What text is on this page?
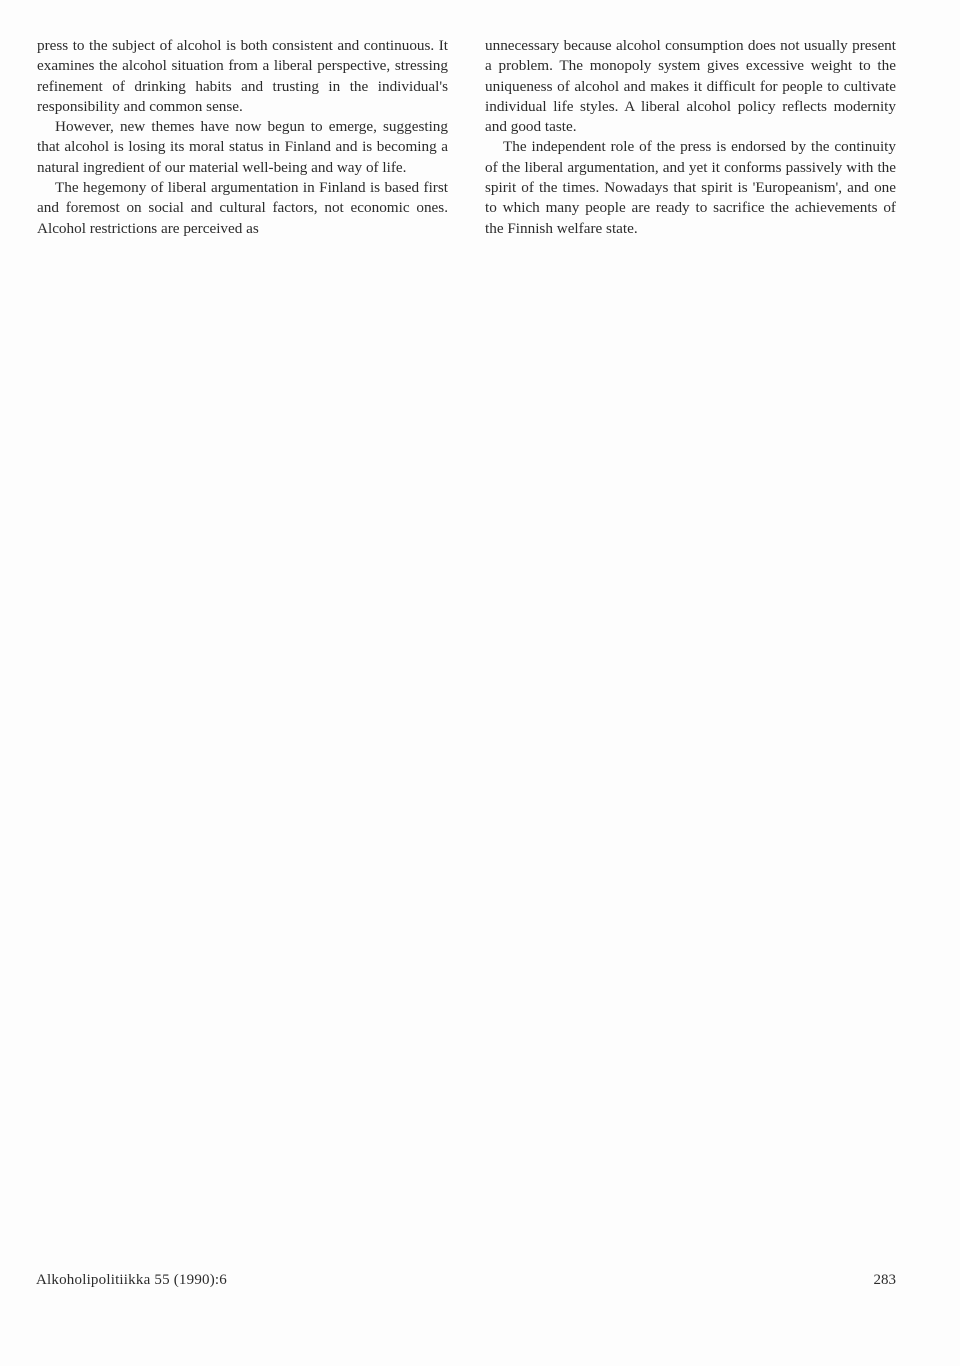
press to the subject of alcohol is both consistent and continuous. It examines the alcohol situation from a liberal perspective, stressing refinement of drinking habits and trusting in the individual's responsibility and common sense.

However, new themes have now begun to emerge, suggesting that alcohol is losing its moral status in Finland and is becoming a natural ingredient of our material well-being and way of life.

The hegemony of liberal argumentation in Finland is based first and foremost on social and cultural factors, not economic ones. Alcohol restrictions are perceived as

unnecessary because alcohol consumption does not usually present a problem. The monopoly system gives excessive weight to the uniqueness of alcohol and makes it difficult for people to cultivate individual life styles. A liberal alcohol policy reflects modernity and good taste.

The independent role of the press is endorsed by the continuity of the liberal argumentation, and yet it conforms passively with the spirit of the times. Nowadays that spirit is 'Europeanism', and one to which many people are ready to sacrifice the achievements of the Finnish welfare state.

Alkoholipolitiikka 55 (1990):6	283
